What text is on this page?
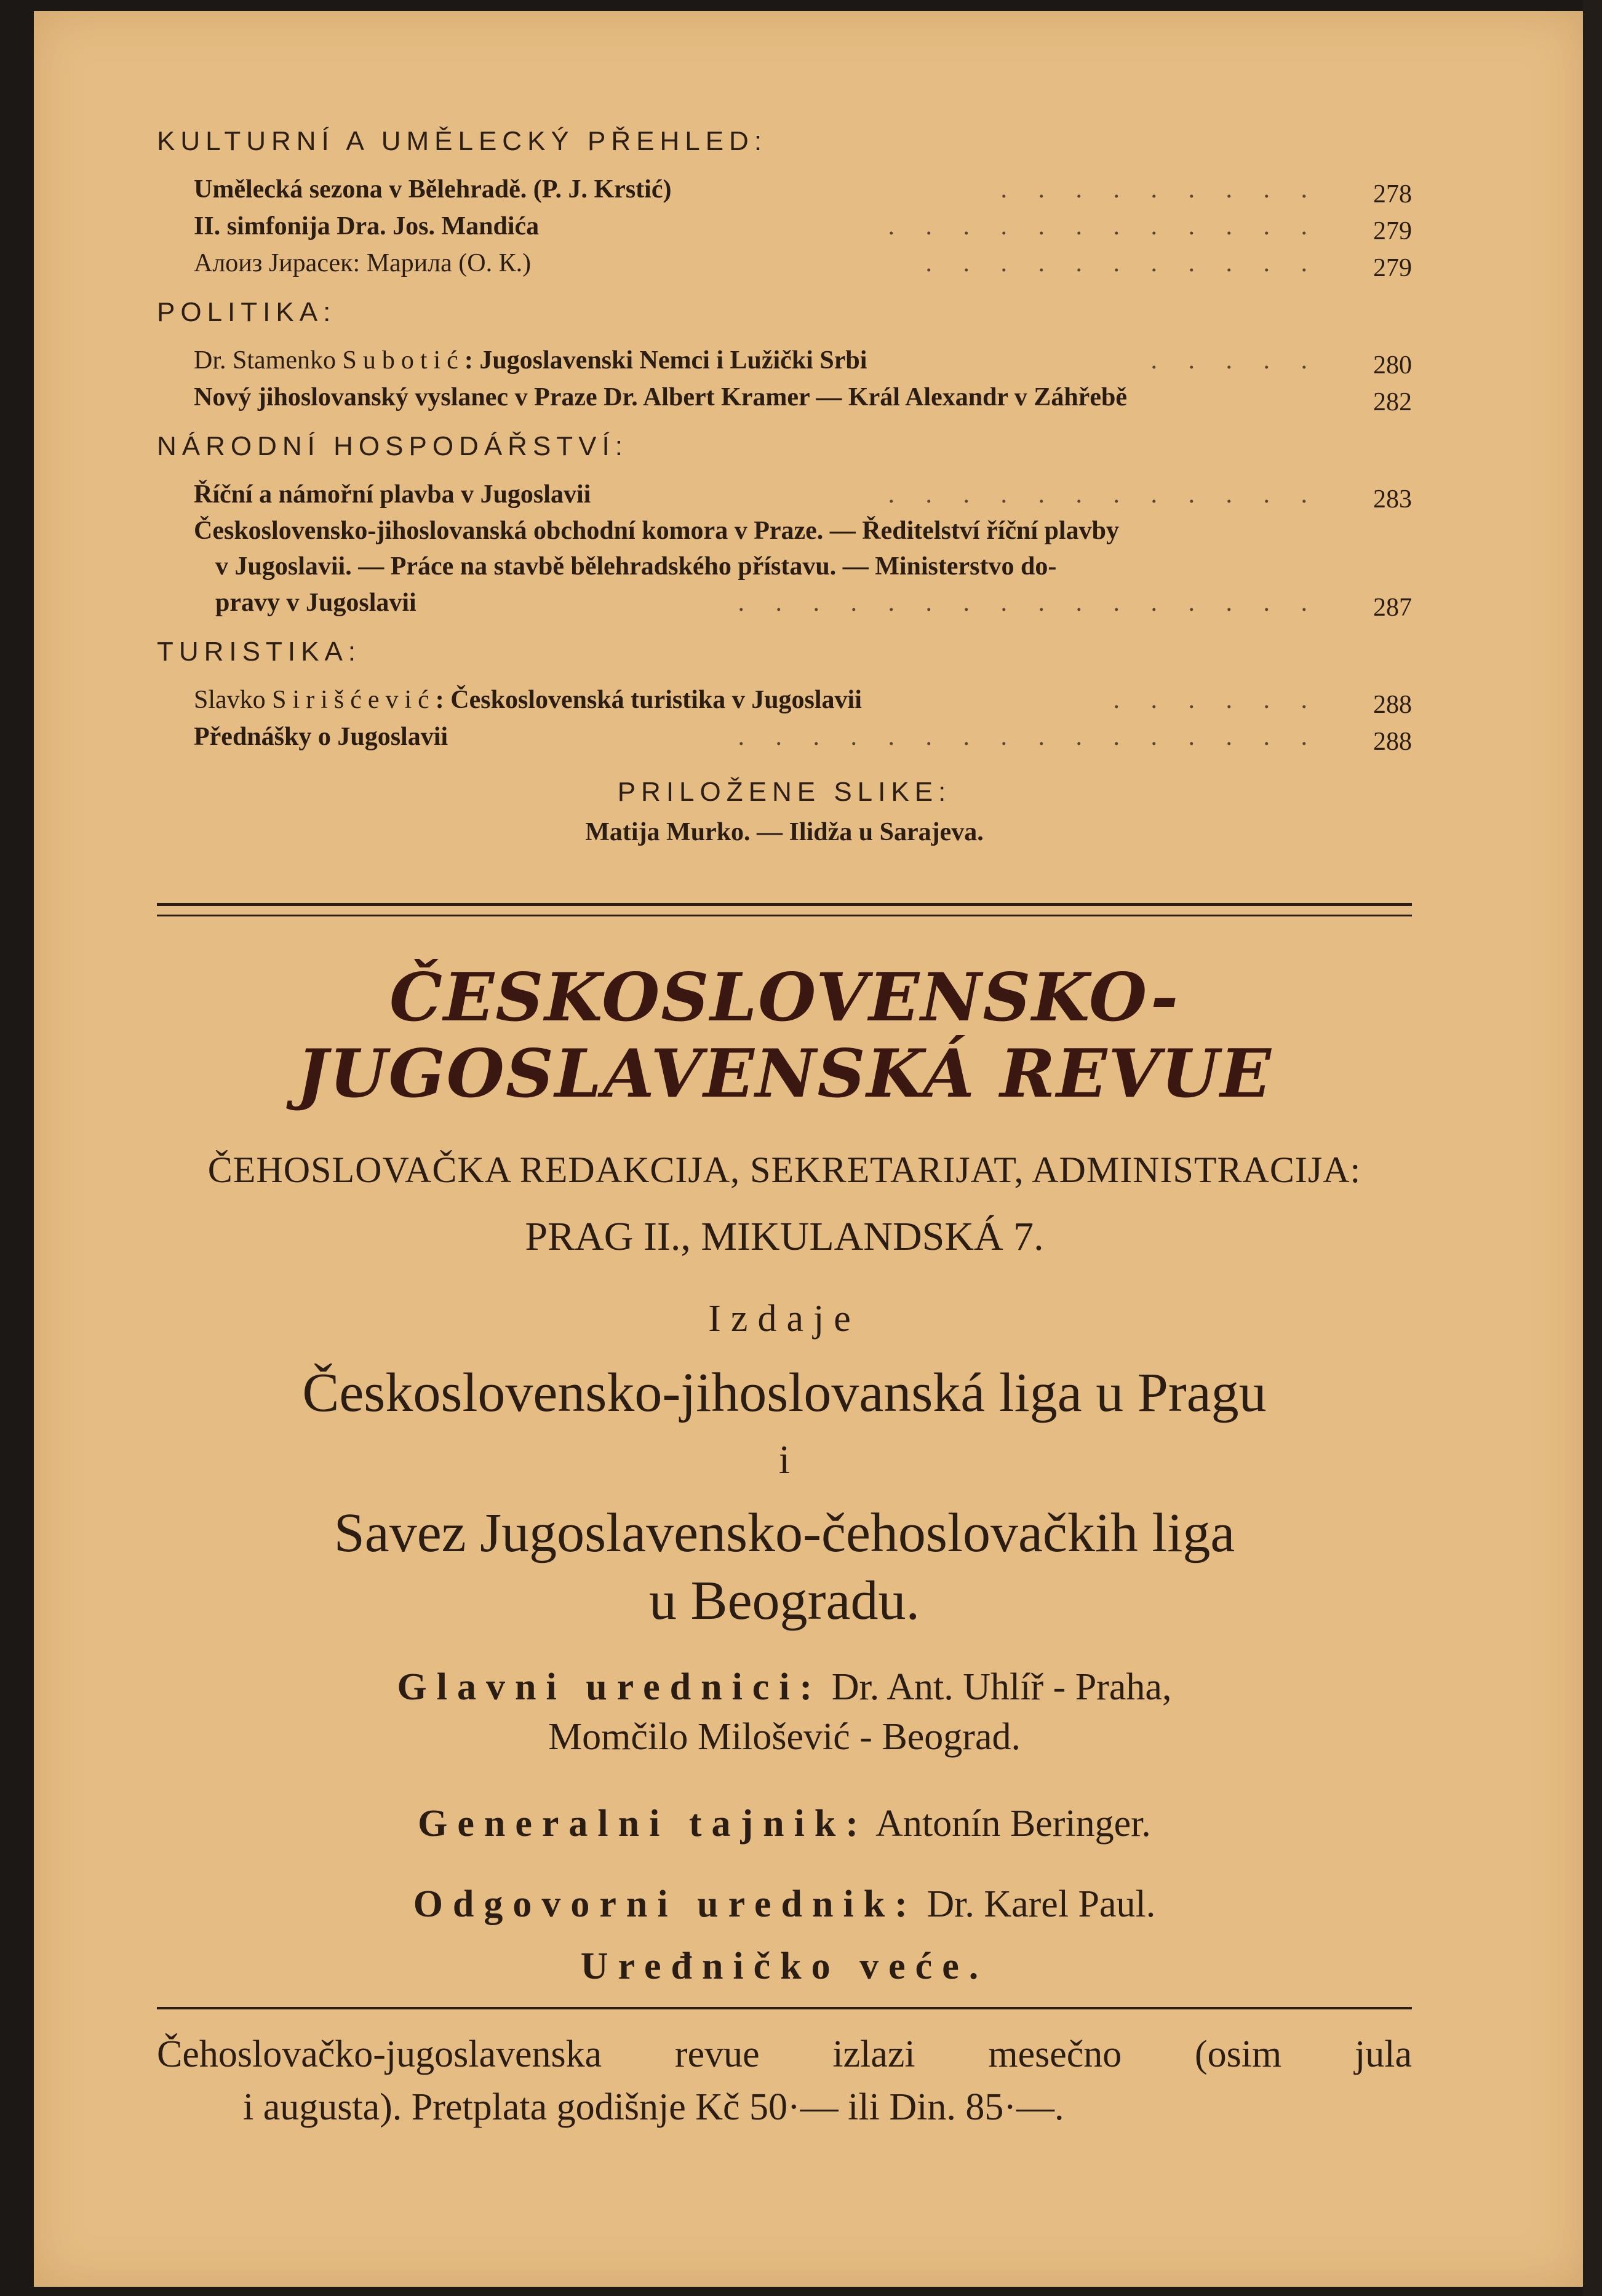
KULTURNÍ A UMĚLECKÝ PŘEHLED:
Umělecká sezona v Bělehradě. (P. J. Krstić)	. . . . . . . . .	278
II. simfonija Dra. Jos. Mandića	. . . . . . . . . . . .	279
Алоиз Јирасек: Марила (О. К.)	. . . . . . . . . . .	279
POLITIKA:
Dr. Stamenko Subotić: Jugoslavenski Nemci i Lužički Srbi	. . . . .	280
Nový jihoslovanský vyslanec v Praze Dr. Albert Kramer — Král Alexandr v Záhřebě	282
NÁRODNÍ HOSPODÁŘSTVÍ:
Říční a námořní plavba v Jugoslavii	. . . . . . . . . . . .	283
Československo-jihoslovanská obchodní komora v Praze. — Ředitelství říční plavby
v Jugoslavii. — Práce na stavbě bělehradského přístavu. — Ministerstvo do-
pravy v Jugoslavii	. . . . . . . . . . . . . . . .	287
TURISTIKA:
Slavko Sirišćević: Československá turistika v Jugoslavii	. . . . . .	288
Přednášky o Jugoslavii	. . . . . . . . . . . . . . . .	288
PRILOŽENE SLIKE:
Matija Murko. — Ilidža u Sarajeva.
ČESKOSLOVENSKO-
JUGOSLAVENSKÁ REVUE
ČEHOSLOVAČKA REDAKCIJA, SEKRETARIJAT, ADMINISTRACIJA:
PRAG II., MIKULANDSKÁ 7.
Izdaje
Československo-jihoslovanská liga u Pragu
i
Savez Jugoslavensko-čehoslovačkih liga
u Beogradu.
Glavni urednici: Dr. Ant. Uhlíř - Praha,
Momčilo Milošević - Beograd.
Generalni tajnik: Antonín Beringer.
Odgovorni urednik: Dr. Karel Paul.
Uređničko veće.
Čehoslovačko-jugoslavenska revue izlazi mesečno (osim jula
i augusta). Pretplata godišnje Kč 50·— ili Din. 85·—.
